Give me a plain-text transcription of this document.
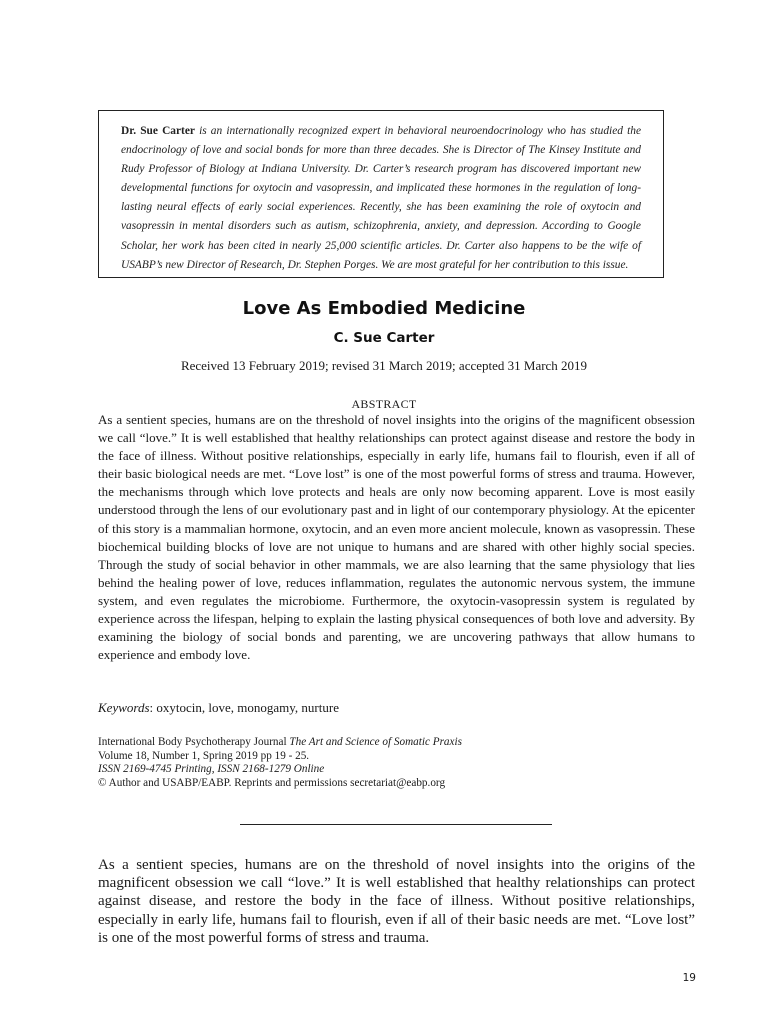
Dr. Sue Carter is an internationally recognized expert in behavioral neuroendocrinology who has studied the endocrinology of love and social bonds for more than three decades. She is Director of The Kinsey Institute and Rudy Professor of Biology at Indiana University. Dr. Carter’s research program has discovered important new developmental functions for oxytocin and vasopressin, and implicated these hormones in the regulation of long-lasting neural effects of early social experiences. Recently, she has been examining the role of oxytocin and vasopressin in mental disorders such as autism, schizophrenia, anxiety, and depression. According to Google Scholar, her work has been cited in nearly 25,000 scientific articles. Dr. Carter also happens to be the wife of USABP’s new Director of Research, Dr. Stephen Porges. We are most grateful for her contribution to this issue.

Love As Embodied Medicine
C. Sue Carter
Received 13 February 2019; revised 31 March 2019; accepted 31 March 2019
ABSTRACT

As a sentient species, humans are on the threshold of novel insights into the origins of the magnificent obsession we call “love.” It is well established that healthy relationships can protect against disease and restore the body in the face of illness. Without positive relationships, especially in early life, humans fail to flourish, even if all of their basic biological needs are met. “Love lost” is one of the most powerful forms of stress and trauma. However, the mechanisms through which love protects and heals are only now becoming apparent. Love is most easily understood through the lens of our evolutionary past and in light of our contemporary physiology. At the epicenter of this story is a mammalian hormone, oxytocin, and an even more ancient molecule, known as vasopressin. These biochemical building blocks of love are not unique to humans and are shared with other highly social species. Through the study of social behavior in other mammals, we are also learning that the same physiology that lies behind the healing power of love, reduces inflammation, regulates the autonomic nervous system, the immune system, and even regulates the microbiome. Furthermore, the oxytocin-vasopressin system is regulated by experience across the lifespan, helping to explain the lasting physical consequences of both love and adversity. By examining the biology of social bonds and parenting, we are uncovering pathways that allow humans to experience and embody love.

Keywords: oxytocin, love, monogamy, nurture

International Body Psychotherapy Journal The Art and Science of Somatic Praxis
Volume 18, Number 1, Spring 2019 pp 19 - 25.
ISSN 2169-4745 Printing, ISSN 2168-1279 Online
© Author and USABP/EABP. Reprints and permissions secretariat@eabp.org

As a sentient species, humans are on the threshold of novel insights into the origins of the magnificent obsession we call “love.” It is well established that healthy relationships can protect against disease, and restore the body in the face of illness. Without positive relationships, especially in early life, humans fail to flourish, even if all of their basic needs are met. “Love lost” is one of the most powerful forms of stress and trauma.

19
